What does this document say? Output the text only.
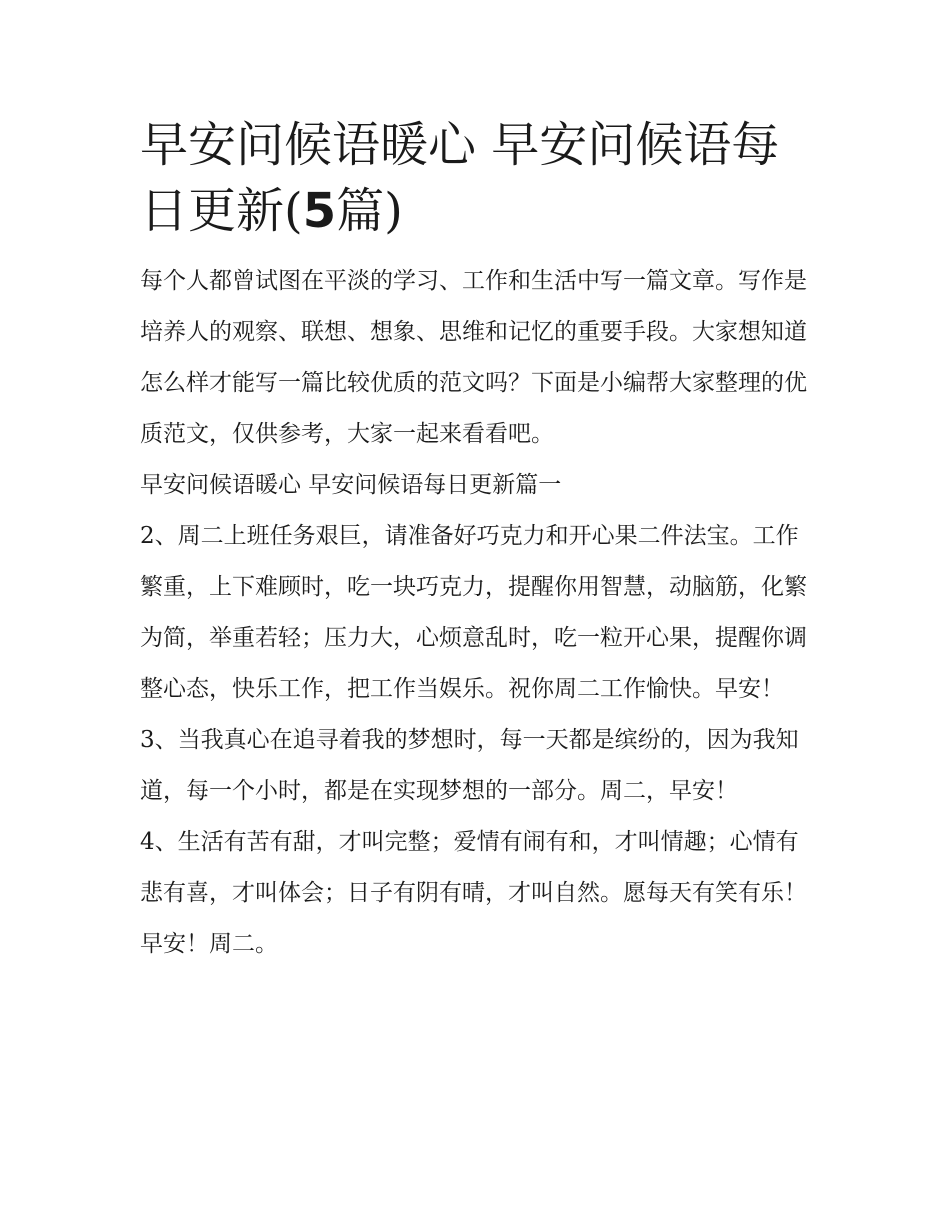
早安问候语暖心 早安问候语每日更新(5篇)

每个人都曾试图在平淡的学习、工作和生活中写一篇文章。写作是培养人的观察、联想、想象、思维和记忆的重要手段。大家想知道怎么样才能写一篇比较优质的范文吗？下面是小编帮大家整理的优质范文，仅供参考，大家一起来看看吧。

早安问候语暖心 早安问候语每日更新篇一

2、周二上班任务艰巨，请准备好巧克力和开心果二件法宝。工作繁重，上下难顾时，吃一块巧克力，提醒你用智慧，动脑筋，化繁为简，举重若轻；压力大，心烦意乱时，吃一粒开心果，提醒你调整心态，快乐工作，把工作当娱乐。祝你周二工作愉快。早安！

3、当我真心在追寻着我的梦想时，每一天都是缤纷的，因为我知道，每一个小时，都是在实现梦想的一部分。周二，早安！

4、生活有苦有甜，才叫完整；爱情有闹有和，才叫情趣；心情有悲有喜，才叫体会；日子有阴有晴，才叫自然。愿每天有笑有乐！早安！周二。
